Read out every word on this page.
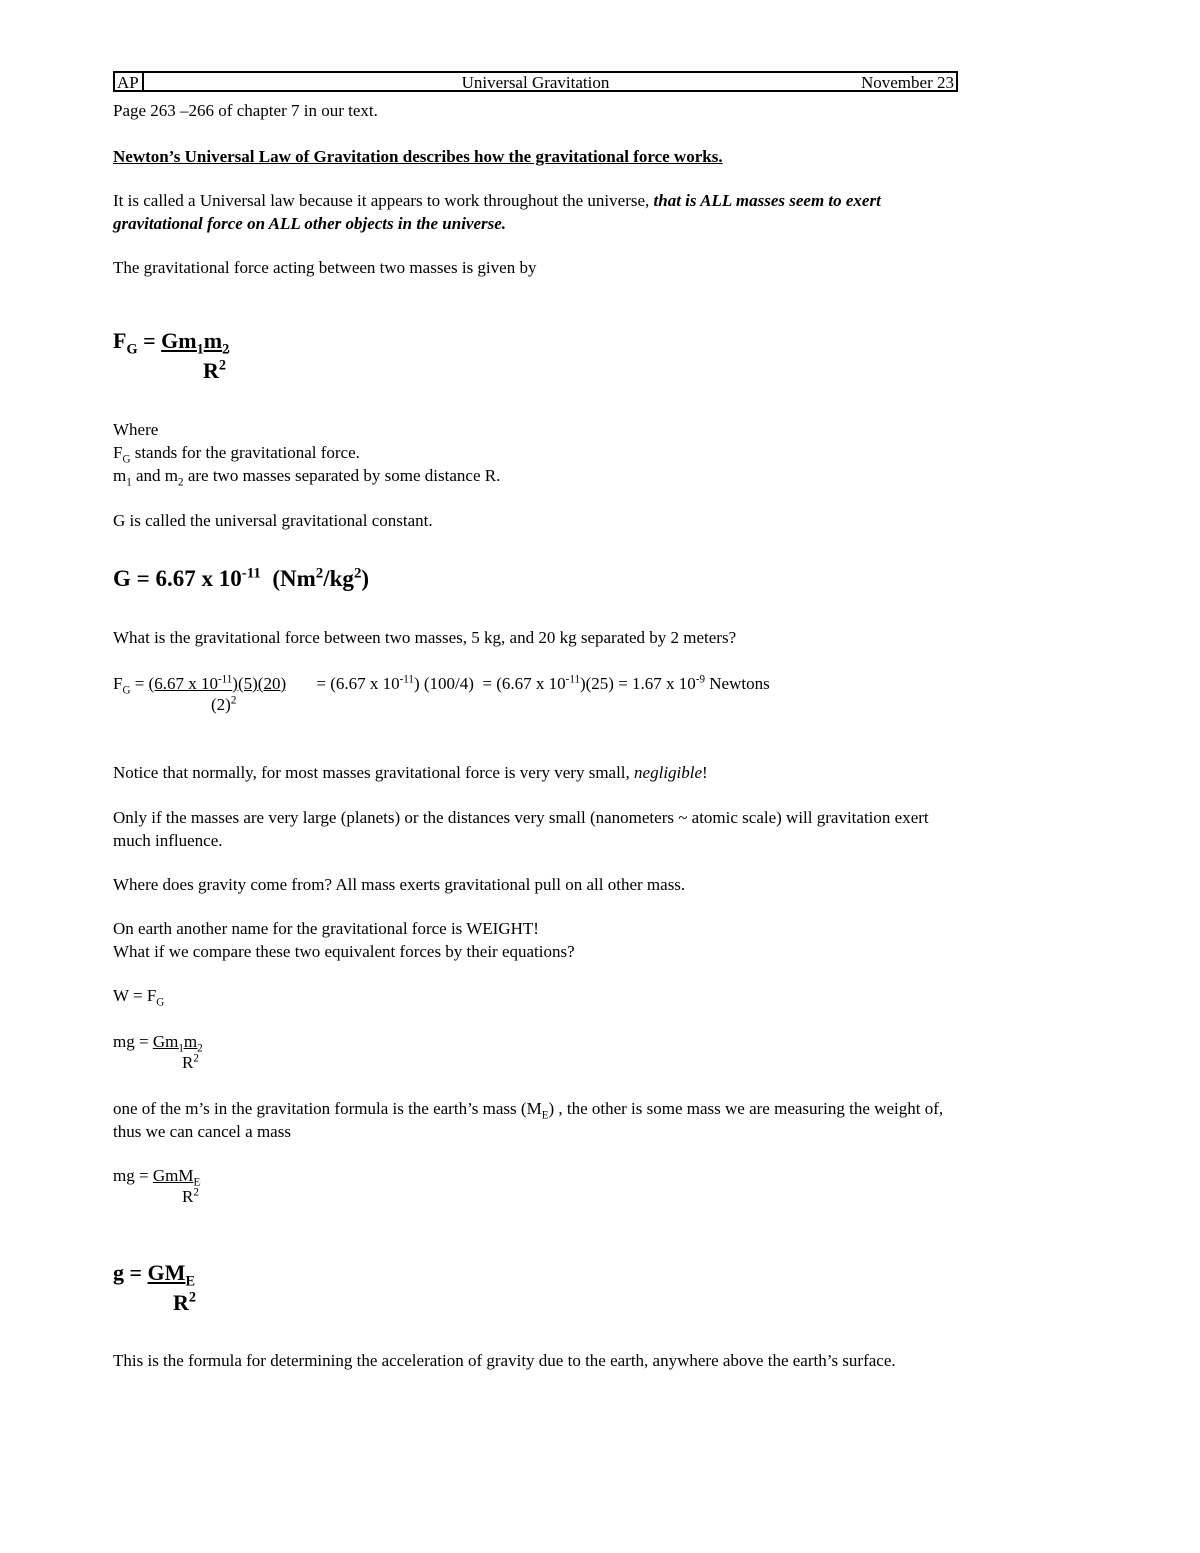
AP	Universal Gravitation	November 23
Page 263 –266 of chapter 7 in our text.
Newton’s Universal Law of Gravitation describes how the gravitational force works.
It is called a Universal law because it appears to work throughout the universe, that is ALL masses seem to exert
gravitational force on ALL other objects in the universe.
The gravitational force acting between two masses is given by
$F_G = Gm_1m_2$
$R^2$
Where
$F_G$ stands for the gravitational force.
$m_1$ and $m_2$ are two masses separated by some distance R.
G is called the universal gravitational constant.
G = 6.67 x $10^{-11}$  $(Nm^2/kg^2)$
What is the gravitational force between two masses, 5 kg, and 20 kg separated by 2 meters?
$F_G = (6.67$ x $10^{-11})(5)(20) = (6.67$ x $10^{-11}$) (100/4)  = (6.67 x $10^{-11})(25) = 1.67$ x $10^{-9}$ Newtons
$(2)^2$
Notice that normally, for most masses gravitational force is very very small, negligible!
Only if the masses are very large (planets) or the distances very small (nanometers ~ atomic scale) will gravitation exert
much influence.
Where does gravity come from? All mass exerts gravitational pull on all other mass.
On earth another name for the gravitational force is WEIGHT!
What if we compare these two equivalent forces by their equations?
$W = F_G$
mg = $Gm_1m_2$
$R^2$
one of the m’s in the gravitation formula is the earth’s mass $(M_E)$ , the other is some mass we are measuring the weight of,
thus we can cancel a mass
mg = GmM$_E$
$R^2$
$g = GM_E$
$R^2$
This is the formula for determining the acceleration of gravity due to the earth, anywhere above the earth’s surface.
